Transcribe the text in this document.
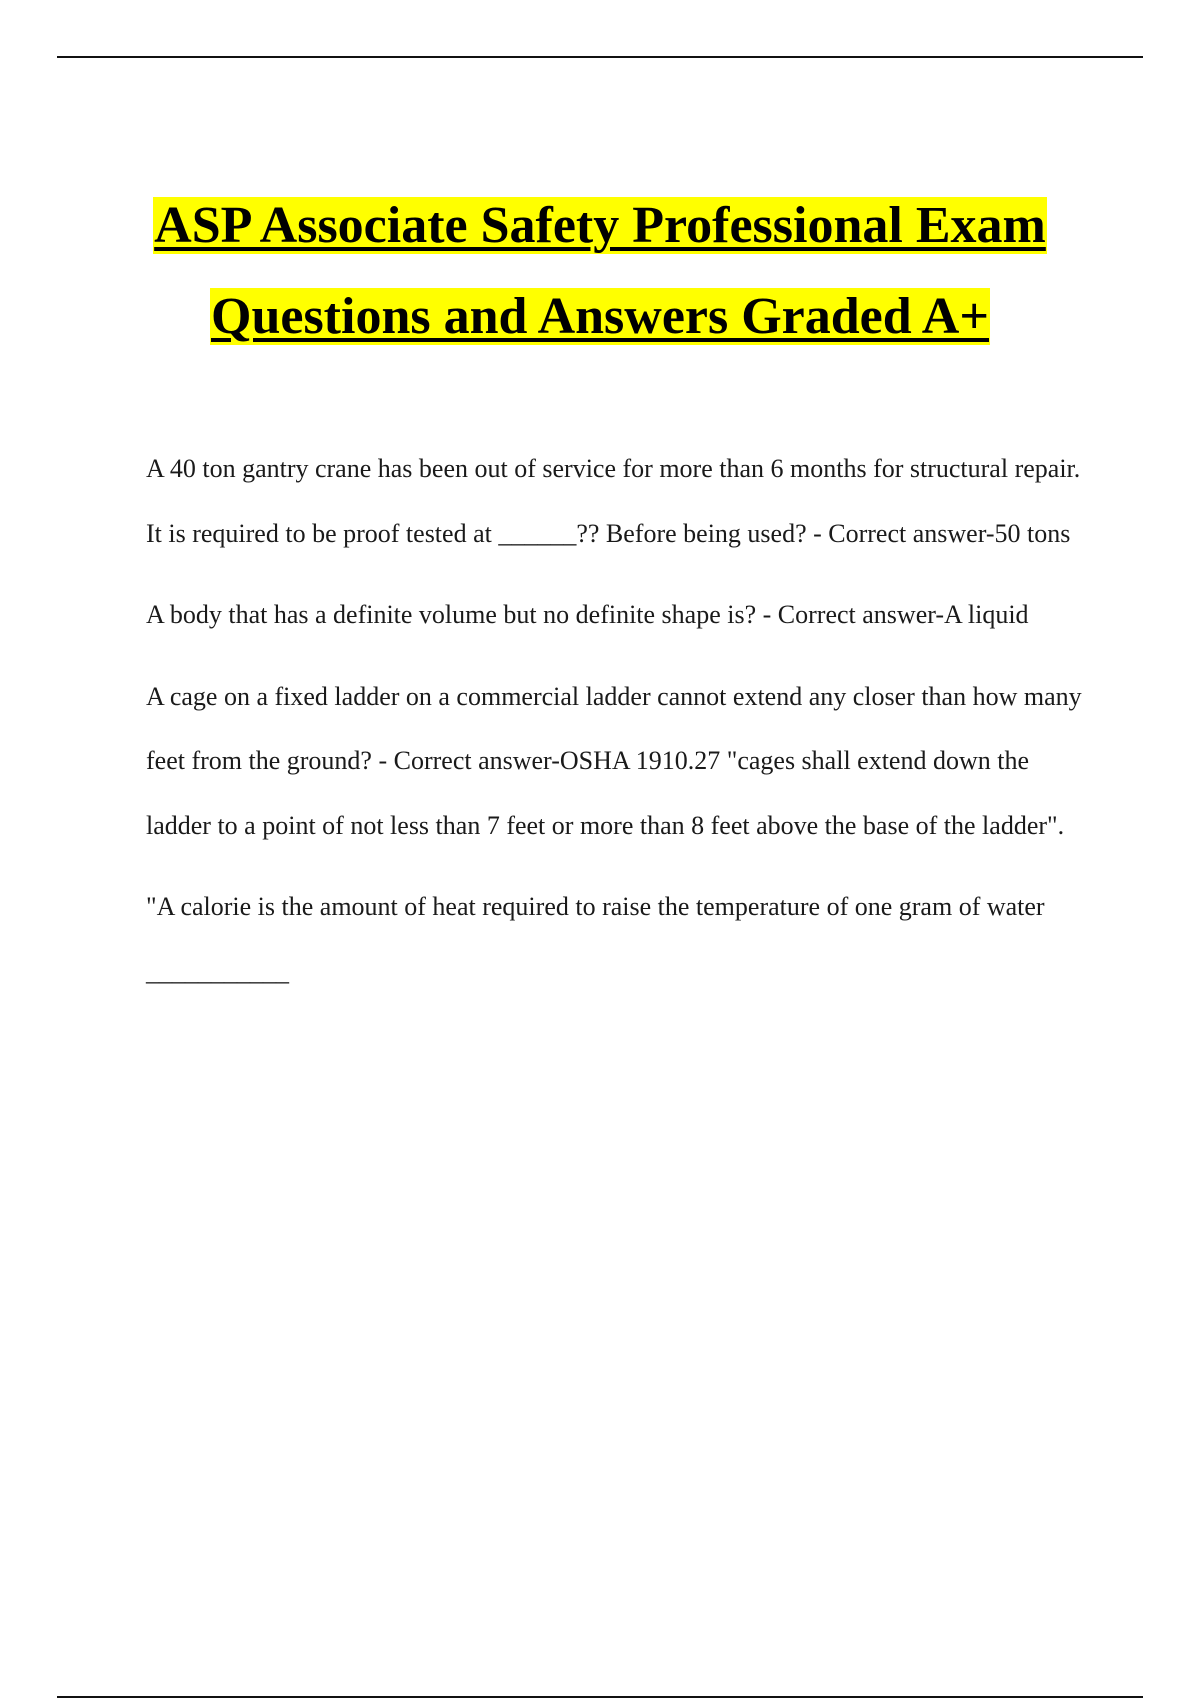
ASP Associate Safety Professional Exam
Questions and Answers Graded A+

A 40 ton gantry crane has been out of service for more than 6 months for structural repair. It is required to be proof tested at ______?? Before being used? - Correct answer-50 tons

A body that has a definite volume but no definite shape is? - Correct answer-A liquid

A cage on a fixed ladder on a commercial ladder cannot extend any closer than how many feet from the ground? - Correct answer-OSHA 1910.27 "cages shall extend down the ladder to a point of not less than 7 feet or more than 8 feet above the base of the ladder".

"A calorie is the amount of heat required to raise the temperature of one gram of water ___________
